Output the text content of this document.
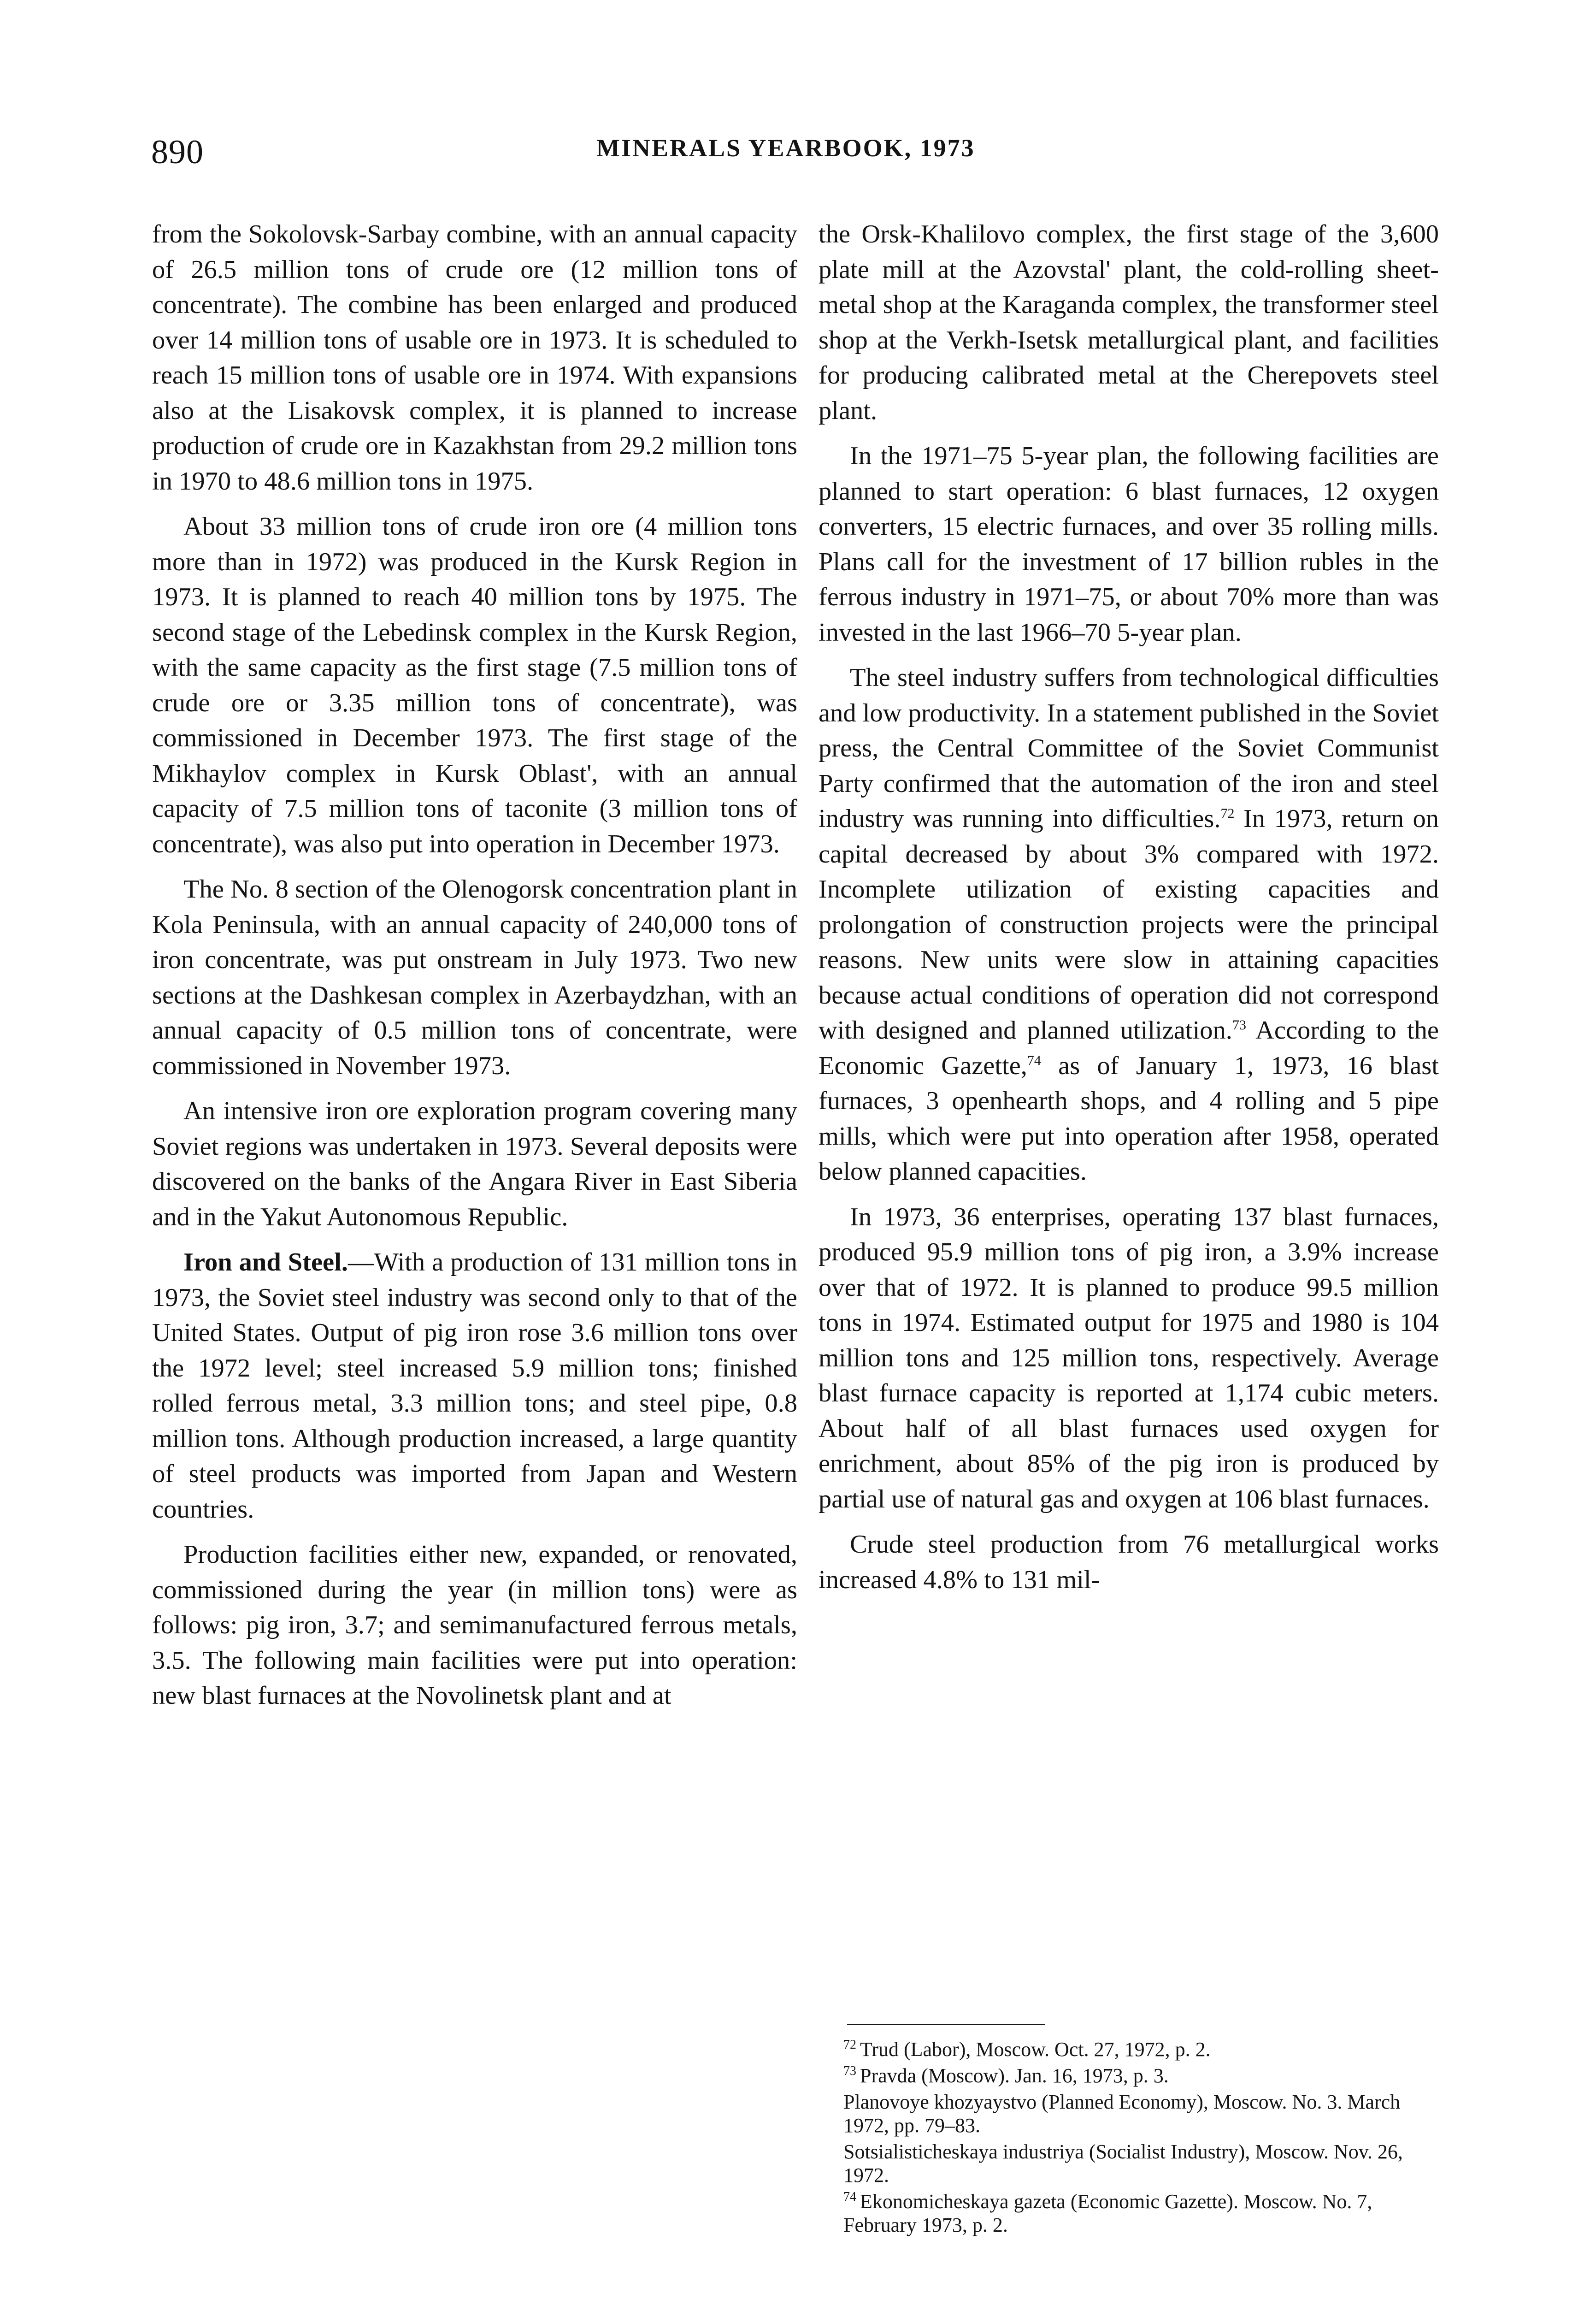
890	MINERALS YEARBOOK, 1973

from the Sokolovsk-Sarbay combine, with an annual capacity of 26.5 million tons of crude ore (12 million tons of concentrate). The combine has been enlarged and produced over 14 million tons of usable ore in 1973. It is scheduled to reach 15 million tons of usable ore in 1974. With expansions also at the Lisakovsk complex, it is planned to increase production of crude ore in Kazakhstan from 29.2 million tons in 1970 to 48.6 million tons in 1975.

About 33 million tons of crude iron ore (4 million tons more than in 1972) was produced in the Kursk Region in 1973. It is planned to reach 40 million tons by 1975. The second stage of the Lebedinsk complex in the Kursk Region, with the same capacity as the first stage (7.5 million tons of crude ore or 3.35 million tons of concentrate), was commissioned in December 1973. The first stage of the Mikhaylov complex in Kursk Oblast', with an annual capacity of 7.5 million tons of taconite (3 million tons of concentrate), was also put into operation in December 1973.

The No. 8 section of the Olenogorsk concentration plant in Kola Peninsula, with an annual capacity of 240,000 tons of iron concentrate, was put onstream in July 1973. Two new sections at the Dashkesan complex in Azerbaydzhan, with an annual capacity of 0.5 million tons of concentrate, were commissioned in November 1973.

An intensive iron ore exploration program covering many Soviet regions was undertaken in 1973. Several deposits were discovered on the banks of the Angara River in East Siberia and in the Yakut Autonomous Republic.

Iron and Steel.—With a production of 131 million tons in 1973, the Soviet steel industry was second only to that of the United States. Output of pig iron rose 3.6 million tons over the 1972 level; steel increased 5.9 million tons; finished rolled ferrous metal, 3.3 million tons; and steel pipe, 0.8 million tons. Although production increased, a large quantity of steel products was imported from Japan and Western countries.

Production facilities either new, expanded, or renovated, commissioned during the year (in million tons) were as follows: pig iron, 3.7; and semimanufactured ferrous metals, 3.5. The following main facilities were put into operation: new blast furnaces at the Novolinetsk plant and at

the Orsk-Khalilovo complex, the first stage of the 3,600 plate mill at the Azovstal' plant, the cold-rolling sheet-metal shop at the Karaganda complex, the transformer steel shop at the Verkh-Isetsk metallurgical plant, and facilities for producing calibrated metal at the Cherepovets steel plant.

In the 1971–75 5-year plan, the following facilities are planned to start operation: 6 blast furnaces, 12 oxygen converters, 15 electric furnaces, and over 35 rolling mills. Plans call for the investment of 17 billion rubles in the ferrous industry in 1971–75, or about 70% more than was invested in the last 1966–70 5-year plan.

The steel industry suffers from technological difficulties and low productivity. In a statement published in the Soviet press, the Central Committee of the Soviet Communist Party confirmed that the automation of the iron and steel industry was running into difficulties.$^{72}$ In 1973, return on capital decreased by about 3% compared with 1972. Incomplete utilization of existing capacities and prolongation of construction projects were the principal reasons. New units were slow in attaining capacities because actual conditions of operation did not correspond with designed and planned utilization.$^{73}$ According to the Economic Gazette,$^{74}$ as of January 1, 1973, 16 blast furnaces, 3 openhearth shops, and 4 rolling and 5 pipe mills, which were put into operation after 1958, operated below planned capacities.

In 1973, 36 enterprises, operating 137 blast furnaces, produced 95.9 million tons of pig iron, a 3.9% increase over that of 1972. It is planned to produce 99.5 million tons in 1974. Estimated output for 1975 and 1980 is 104 million tons and 125 million tons, respectively. Average blast furnace capacity is reported at 1,174 cubic meters. About half of all blast furnaces used oxygen for enrichment, about 85% of the pig iron is produced by partial use of natural gas and oxygen at 106 blast furnaces.

Crude steel production from 76 metallurgical works increased 4.8% to 131 mil-

$^{72}$ Trud (Labor), Moscow. Oct. 27, 1972, p. 2.
$^{73}$ Pravda (Moscow). Jan. 16, 1973, p. 3.
Planovoye khozyaystvo (Planned Economy), Moscow. No. 3. March 1972, pp. 79–83.
Sotsialisticheskaya industriya (Socialist Industry), Moscow. Nov. 26, 1972.
$^{74}$ Ekonomicheskaya gazeta (Economic Gazette). Moscow. No. 7, February 1973, p. 2.
